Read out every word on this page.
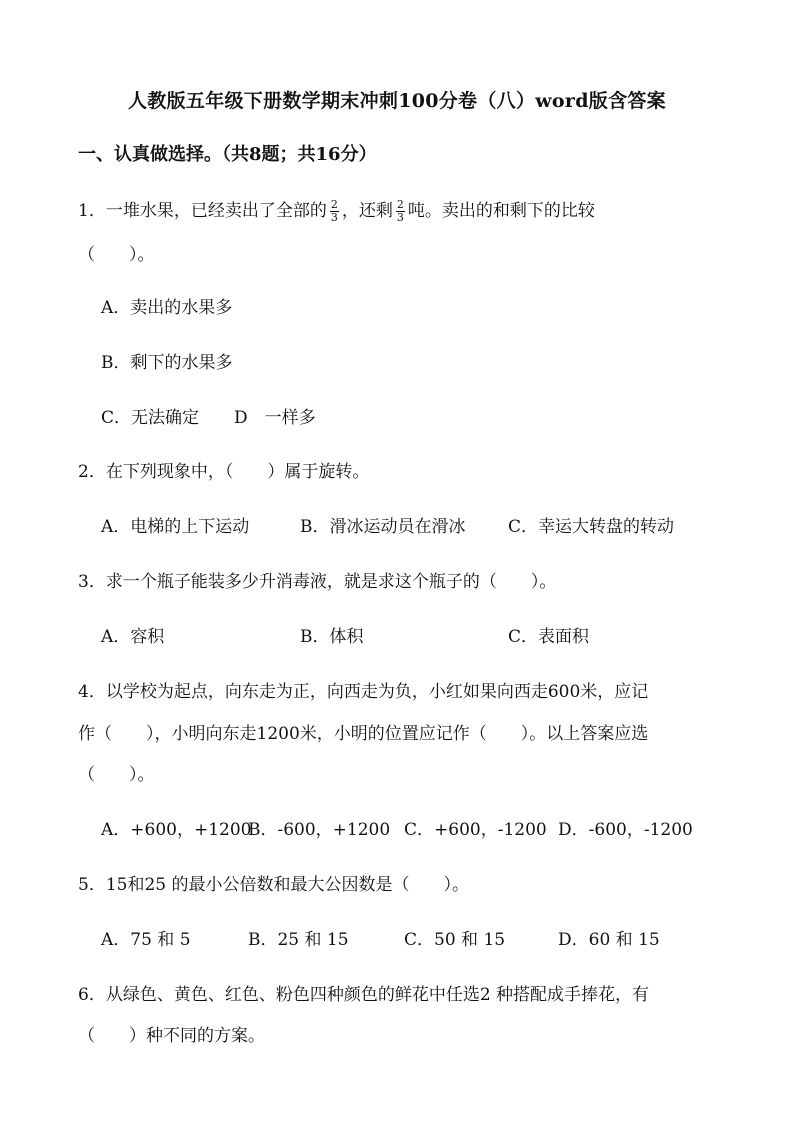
人教版五年级下册数学期末冲刺100分卷（八）word版含答案
一、认真做选择。（共8题；共16分）
1．一堆水果，已经卖出了全部的 $\frac{2}{3}$ ，还剩 $\frac{2}{3}$ 吨。卖出的和剩下的比较
（　　）。
A．卖出的水果多
B．剩下的水果多
C．无法确定 D　一样多
2．在下列现象中，（　　）属于旋转。
A．电梯的上下运动	B．滑冰运动员在滑冰	C．幸运大转盘的转动
3．求一个瓶子能装多少升消毒液，就是求这个瓶子的（　　）。
A．容积	B．体积	C．表面积
4．以学校为起点，向东走为正，向西走为负，小红如果向西走600米，应记
作（　　），小明向东走1200米，小明的位置应记作（　　）。以上答案应选
（　　）。
A．+600，+1200
B．-600，+1200 C．+600，-1200 D．-600，-1200
5．15和25 的最小公倍数和最大公因数是（　　）。
A．75 和 5	B．25 和 15	C．50 和 15	D．60 和 15
6．从绿色、黄色、红色、粉色四种颜色的鲜花中任选2 种搭配成手捧花，有
（　　）种不同的方案。
